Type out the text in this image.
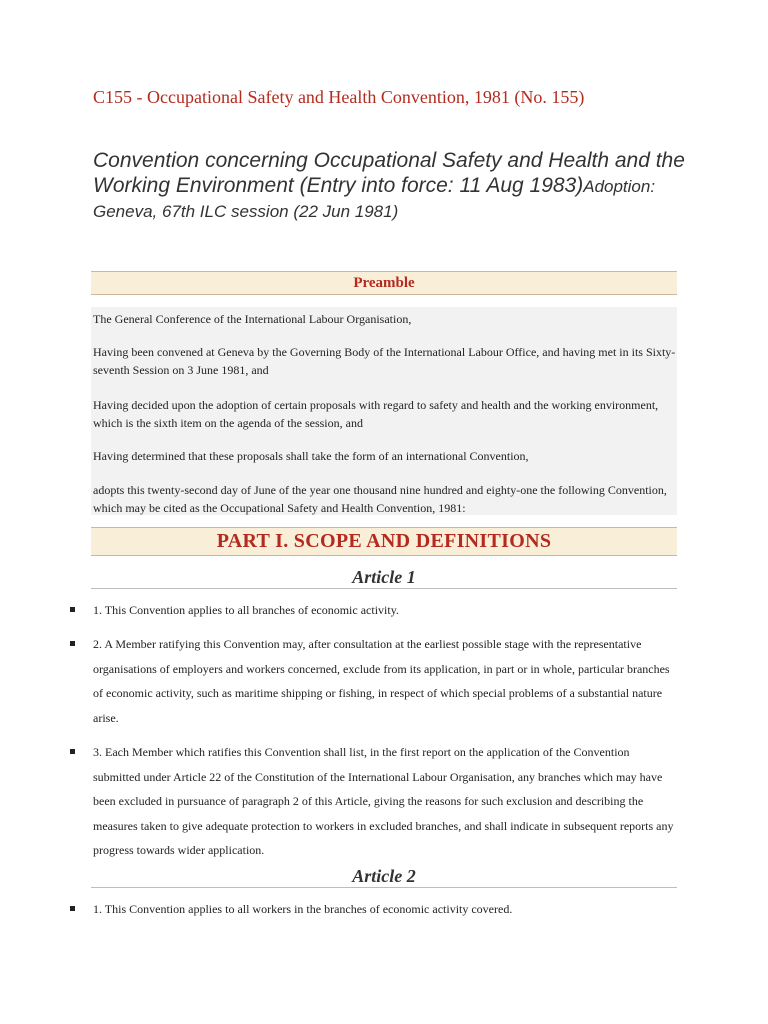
C155 - Occupational Safety and Health Convention, 1981 (No. 155)
Convention concerning Occupational Safety and Health and the Working Environment (Entry into force: 11 Aug 1983)Adoption: Geneva, 67th ILC session (22 Jun 1981)
Preamble

The General Conference of the International Labour Organisation,

Having been convened at Geneva by the Governing Body of the International Labour Office, and having met in its Sixty-seventh Session on 3 June 1981, and

Having decided upon the adoption of certain proposals with regard to safety and health and the working environment, which is the sixth item on the agenda of the session, and

Having determined that these proposals shall take the form of an international Convention,

adopts this twenty-second day of June of the year one thousand nine hundred and eighty-one the following Convention, which may be cited as the Occupational Safety and Health Convention, 1981:

PART I. SCOPE AND DEFINITIONS
Article 1

1. This Convention applies to all branches of economic activity.

2. A Member ratifying this Convention may, after consultation at the earliest possible stage with the representative organisations of employers and workers concerned, exclude from its application, in part or in whole, particular branches of economic activity, such as maritime shipping or fishing, in respect of which special problems of a substantial nature arise.

3. Each Member which ratifies this Convention shall list, in the first report on the application of the Convention submitted under Article 22 of the Constitution of the International Labour Organisation, any branches which may have been excluded in pursuance of paragraph 2 of this Article, giving the reasons for such exclusion and describing the measures taken to give adequate protection to workers in excluded branches, and shall indicate in subsequent reports any progress towards wider application.

Article 2

1. This Convention applies to all workers in the branches of economic activity covered.
